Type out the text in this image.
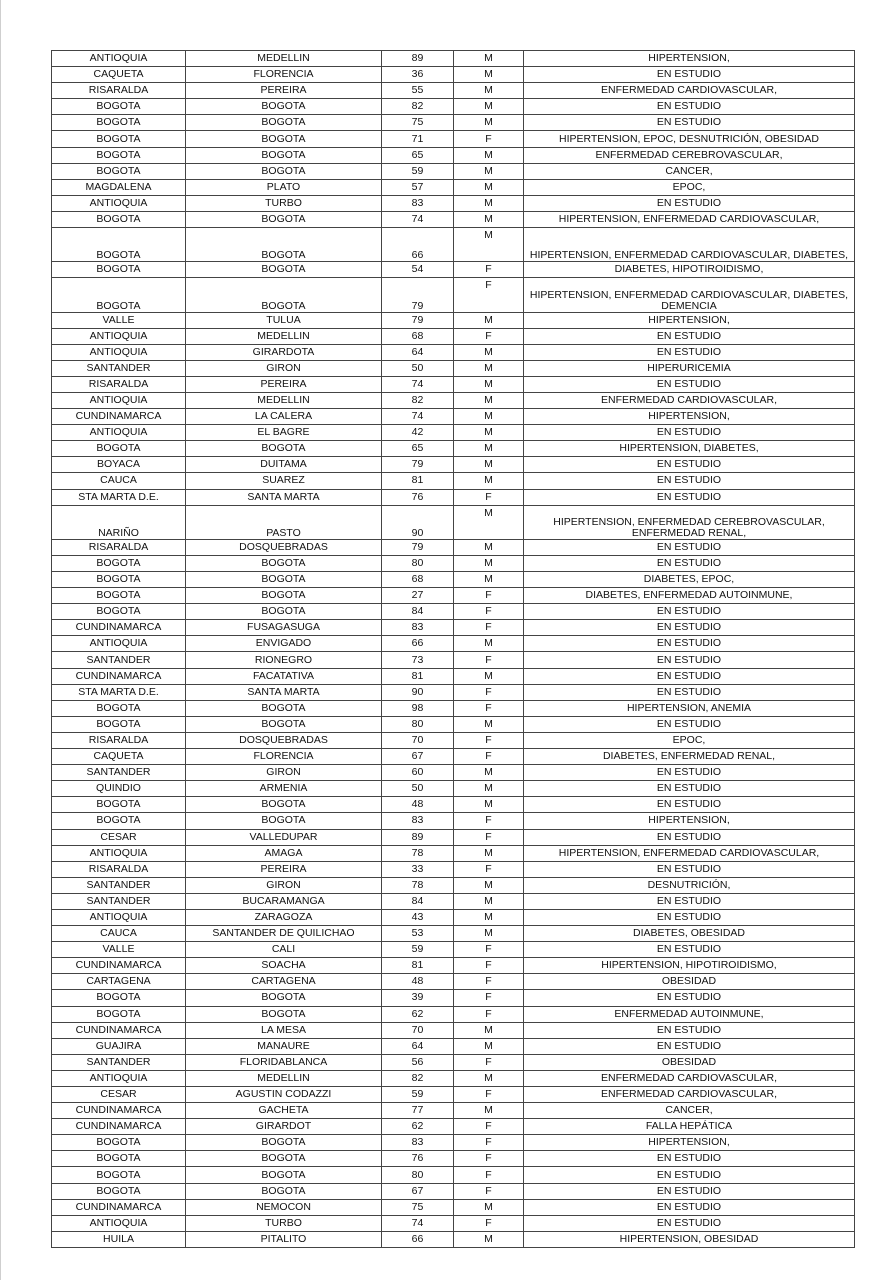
ANTIOQUIA	MEDELLIN	89	M	HIPERTENSION,
CAQUETA	FLORENCIA	36	M	EN ESTUDIO
RISARALDA	PEREIRA	55	M	ENFERMEDAD CARDIOVASCULAR,
BOGOTA	BOGOTA	82	M	EN ESTUDIO
BOGOTA	BOGOTA	75	M	EN ESTUDIO
BOGOTA	BOGOTA	71	F	HIPERTENSION, EPOC, DESNUTRICIÓN, OBESIDAD
BOGOTA	BOGOTA	65	M	ENFERMEDAD CEREBROVASCULAR,
BOGOTA	BOGOTA	59	M	CANCER,
MAGDALENA	PLATO	57	M	EPOC,
ANTIOQUIA	TURBO	83	M	EN ESTUDIO
BOGOTA	BOGOTA	74	M	HIPERTENSION, ENFERMEDAD CARDIOVASCULAR,
BOGOTA	BOGOTA	66	M	HIPERTENSION, ENFERMEDAD CARDIOVASCULAR, DIABETES,
BOGOTA	BOGOTA	54	F	DIABETES, HIPOTIROIDISMO,
BOGOTA	BOGOTA	79	F	HIPERTENSION, ENFERMEDAD CARDIOVASCULAR, DIABETES, DEMENCIA
VALLE	TULUA	79	M	HIPERTENSION,
ANTIOQUIA	MEDELLIN	68	F	EN ESTUDIO
ANTIOQUIA	GIRARDOTA	64	M	EN ESTUDIO
SANTANDER	GIRON	50	M	HIPERURICEMIA
RISARALDA	PEREIRA	74	M	EN ESTUDIO
ANTIOQUIA	MEDELLIN	82	M	ENFERMEDAD CARDIOVASCULAR,
CUNDINAMARCA	LA CALERA	74	M	HIPERTENSION,
ANTIOQUIA	EL BAGRE	42	M	EN ESTUDIO
BOGOTA	BOGOTA	65	M	HIPERTENSION, DIABETES,
BOYACA	DUITAMA	79	M	EN ESTUDIO
CAUCA	SUAREZ	81	M	EN ESTUDIO
STA MARTA D.E.	SANTA MARTA	76	F	EN ESTUDIO
NARIÑO	PASTO	90	M	HIPERTENSION, ENFERMEDAD CEREBROVASCULAR, ENFERMEDAD RENAL,
RISARALDA	DOSQUEBRADAS	79	M	EN ESTUDIO
BOGOTA	BOGOTA	80	M	EN ESTUDIO
BOGOTA	BOGOTA	68	M	DIABETES, EPOC,
BOGOTA	BOGOTA	27	F	DIABETES, ENFERMEDAD AUTOINMUNE,
BOGOTA	BOGOTA	84	F	EN ESTUDIO
CUNDINAMARCA	FUSAGASUGA	83	F	EN ESTUDIO
ANTIOQUIA	ENVIGADO	66	M	EN ESTUDIO
SANTANDER	RIONEGRO	73	F	EN ESTUDIO
CUNDINAMARCA	FACATATIVA	81	M	EN ESTUDIO
STA MARTA D.E.	SANTA MARTA	90	F	EN ESTUDIO
BOGOTA	BOGOTA	98	F	HIPERTENSION, ANEMIA
BOGOTA	BOGOTA	80	M	EN ESTUDIO
RISARALDA	DOSQUEBRADAS	70	F	EPOC,
CAQUETA	FLORENCIA	67	F	DIABETES, ENFERMEDAD RENAL,
SANTANDER	GIRON	60	M	EN ESTUDIO
QUINDIO	ARMENIA	50	M	EN ESTUDIO
BOGOTA	BOGOTA	48	M	EN ESTUDIO
BOGOTA	BOGOTA	83	F	HIPERTENSION,
CESAR	VALLEDUPAR	89	F	EN ESTUDIO
ANTIOQUIA	AMAGA	78	M	HIPERTENSION, ENFERMEDAD CARDIOVASCULAR,
RISARALDA	PEREIRA	33	F	EN ESTUDIO
SANTANDER	GIRON	78	M	DESNUTRICIÓN,
SANTANDER	BUCARAMANGA	84	M	EN ESTUDIO
ANTIOQUIA	ZARAGOZA	43	M	EN ESTUDIO
CAUCA	SANTANDER DE QUILICHAO	53	M	DIABETES, OBESIDAD
VALLE	CALI	59	F	EN ESTUDIO
CUNDINAMARCA	SOACHA	81	F	HIPERTENSION, HIPOTIROIDISMO,
CARTAGENA	CARTAGENA	48	F	OBESIDAD
BOGOTA	BOGOTA	39	F	EN ESTUDIO
BOGOTA	BOGOTA	62	F	ENFERMEDAD AUTOINMUNE,
CUNDINAMARCA	LA MESA	70	M	EN ESTUDIO
GUAJIRA	MANAURE	64	M	EN ESTUDIO
SANTANDER	FLORIDABLANCA	56	F	OBESIDAD
ANTIOQUIA	MEDELLIN	82	M	ENFERMEDAD CARDIOVASCULAR,
CESAR	AGUSTIN CODAZZI	59	F	ENFERMEDAD CARDIOVASCULAR,
CUNDINAMARCA	GACHETA	77	M	CANCER,
CUNDINAMARCA	GIRARDOT	62	F	FALLA HEPÁTICA
BOGOTA	BOGOTA	83	F	HIPERTENSION,
BOGOTA	BOGOTA	76	F	EN ESTUDIO
BOGOTA	BOGOTA	80	F	EN ESTUDIO
BOGOTA	BOGOTA	67	F	EN ESTUDIO
CUNDINAMARCA	NEMOCON	75	M	EN ESTUDIO
ANTIOQUIA	TURBO	74	F	EN ESTUDIO
HUILA	PITALITO	66	M	HIPERTENSION, OBESIDAD
